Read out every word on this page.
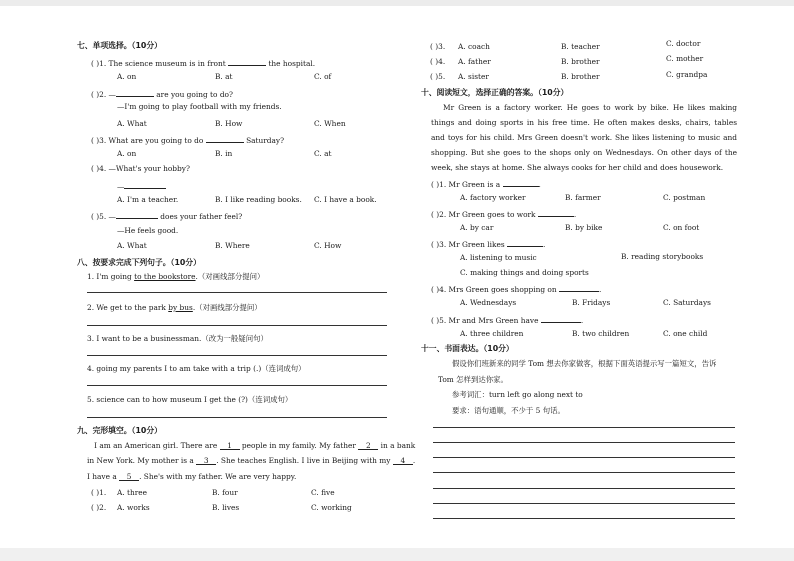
七、单项选择。（10分）
( )1. The science museum is in front	the hospital.
A. on	B. at	C. of
( )2. —	are you going to do?
—I'm going to play football with my friends.
A. What	B. How	C. When
( )3. What are you going to do	Saturday?
A. on	B. in	C. at
( )4. —What's your hobby?
—
A. I'm a teacher.	B. I like reading books. C. I have a book.
( )5. —	does your father feel?
—He feels good.
A. What	B. Where	C. How
八、按要求完成下列句子。（10分）
1. I'm going to the bookstore.（对画线部分提问）
2. We get to the park by bus.（对画线部分提问）
3. I want to be a businessman.（改为一般疑问句）
4. going my parents I to am take with a trip (.)（连词成句）
5. science can to how museum I get the (?)（连词成句）
九、完形填空。（10分）
I am an American girl. There are 1 people in my family. My father 2 in a bank
in New York. My mother is a 3 . She teaches English. I live in Beijing with my 4 .
I have a 5 . She's with my father. We are very happy.
( )1. A. three	B. four	C. five
( )2. A. works	B. lives	C. working
( )3. A. coach	B. teacher	C. doctor
( )4. A. father	B. brother	C. mother
( )5. A. sister	B. brother	C. grandpa
十、阅读短文，选择正确的答案。（10分）
Mr Green is a factory worker. He goes to work by bike. He likes making things and doing sports in his free time. He often makes desks, chairs, tables and toys for his child. Mrs Green doesn't work. She likes listening to music and shopping. But she goes to the shops only on Wednesdays. On other days of the week, she stays at home. She always cooks for her child and does housework.
( )1. Mr Green is a	.
A. factory worker	B. farmer	C. postman
( )2. Mr Green goes to work	.
A. by car	B. by bike	C. on foot
( )3. Mr Green likes	.
A. listening to music	B. reading storybooks
C. making things and doing sports
( )4. Mrs Green goes shopping on	.
A. Wednesdays	B. Fridays	C. Saturdays
( )5. Mr and Mrs Green have	.
A. three children	B. two children	C. one child
十一、书面表达。（10分）
假设你们班新来的同学 Tom 想去你家做客，根据下面英语提示写一篇短文，告诉
Tom 怎样到达你家。
参考词汇：turn left go along next to
要求：语句通顺，不少于 5 句话。
